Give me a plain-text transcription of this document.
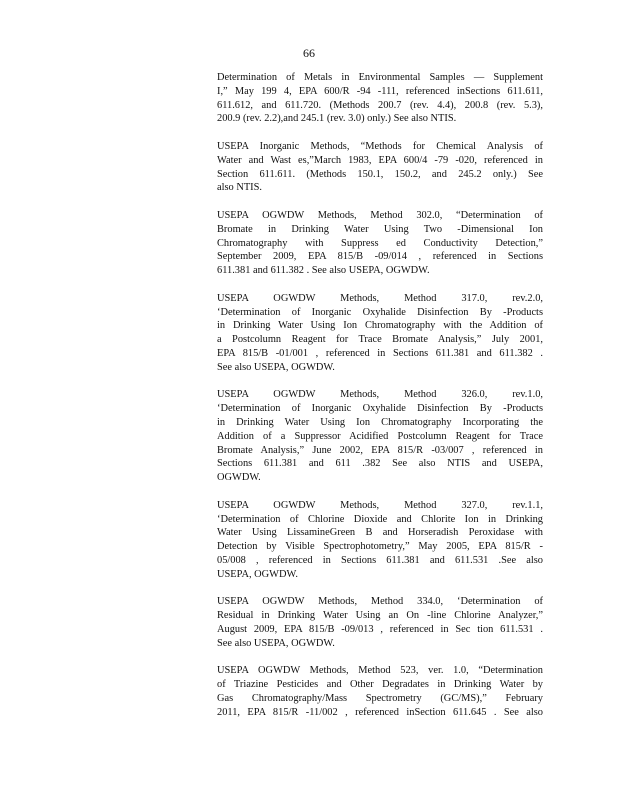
66
Determination of Metals in Environmental Samples — Supplement
I,” May 199 4, EPA 600/R -94 -111, referenced inSections 611.611,
611.612, and 611.720. (Methods 200.7 (rev. 4.4), 200.8 (rev. 5.3),
200.9 (rev. 2.2),and 245.1 (rev. 3.0) only.) See also NTIS.
USEPA Inorganic Methods, “Methods for Chemical Analysis of
Water and Wast es,”March 1983, EPA 600/4 -79 -020, referenced in
Section 611.611. (Methods 150.1, 150.2, and 245.2 only.) See
also NTIS.
USEPA OGWDW Methods, Method 302.0, “Determination of
Bromate in Drinking Water Using Two -Dimensional Ion
Chromatography with Suppress ed Conductivity Detection,”
September 2009, EPA 815/B -09/014 , referenced in Sections
611.381 and 611.382 . See also USEPA, OGWDW.
USEPA OGWDW Methods, Method 317.0, rev.2.0,
‘Determination of Inorganic Oxyhalide Disinfection By -Products
in Drinking Water Using Ion Chromatography with the Addition of
a Postcolumn Reagent for Trace Bromate Analysis,” July 2001,
EPA 815/B -01/001 , referenced in Sections 611.381 and 611.382 .
See also USEPA, OGWDW.
USEPA OGWDW Methods, Method 326.0, rev.1.0,
‘Determination of Inorganic Oxyhalide Disinfection By -Products
in Drinking Water Using Ion Chromatography Incorporating the
Addition of a Suppressor Acidified Postcolumn Reagent for Trace
Bromate Analysis,” June 2002, EPA 815/R -03/007 , referenced in
Sections 611.381 and 611 .382 See also NTIS and USEPA,
OGWDW.
USEPA OGWDW Methods, Method 327.0, rev.1.1,
‘Determination of Chlorine Dioxide and Chlorite Ion in Drinking
Water Using LissamineGreen B and Horseradish Peroxidase with
Detection by Visible Spectrophotometry,” May 2005, EPA 815/R -
05/008 , referenced in Sections 611.381 and 611.531 .See also
USEPA, OGWDW.
USEPA OGWDW Methods, Method 334.0, ‘Determination of
Residual in Drinking Water Using an On -line Chlorine Analyzer,”
August 2009, EPA 815/B -09/013 , referenced in Sec tion 611.531 .
See also USEPA, OGWDW.
USEPA OGWDW Methods, Method 523, ver. 1.0, “Determination
of Triazine Pesticides and Other Degradates in Drinking Water by
Gas Chromatography/Mass Spectrometry (GC/MS),” February
2011, EPA 815/R -11/002 , referenced inSection 611.645 . See also
